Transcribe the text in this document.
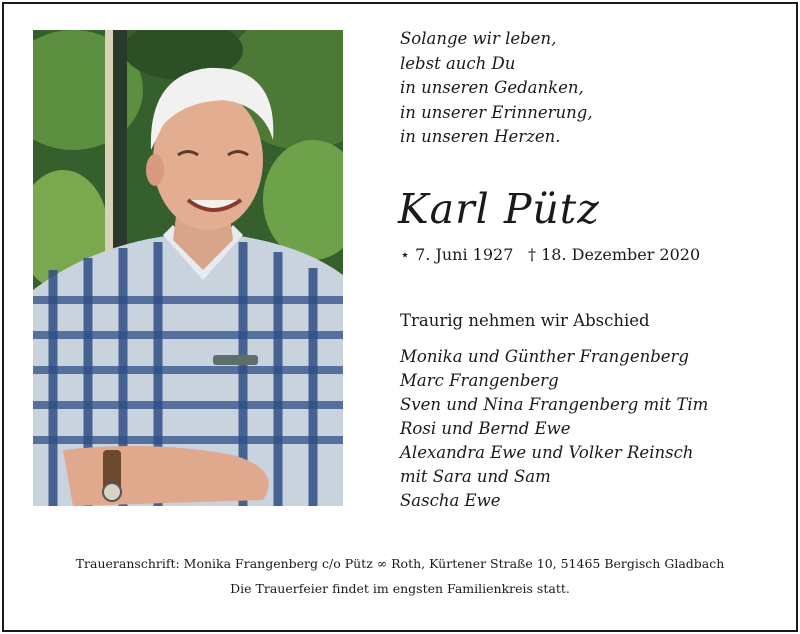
Solange wir leben,
lebst auch Du
in unseren Gedanken,
in unserer Erinnerung,
in unseren Herzen.
Karl Pütz
⋆ 7. Juni 1927 † 18. Dezember 2020
Traurig nehmen wir Abschied
Monika und Günther Frangenberg
Marc Frangenberg
Sven und Nina Frangenberg mit Tim
Rosi und Bernd Ewe
Alexandra Ewe und Volker Reinsch
mit Sara und Sam
Sascha Ewe
Traueranschrift: Monika Frangenberg c/o Pütz ∞ Roth, Kürtener Straße 10, 51465 Bergisch Gladbach
Die Trauerfeier findet im engsten Familienkreis statt.
